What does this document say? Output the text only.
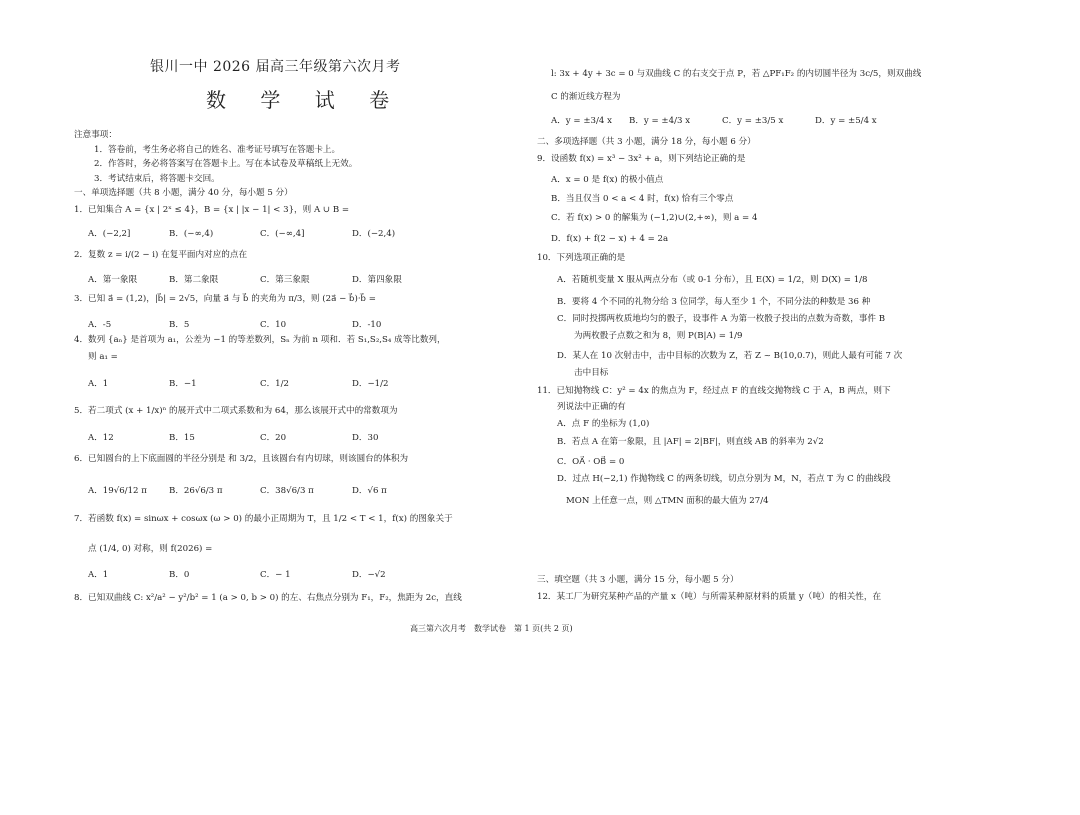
银川一中 2026 届高三年级第六次月考
数 学 试 卷
注意事项：
1．答卷前，考生务必将自己的姓名、准考证号填写在答题卡上。
2．作答时，务必将答案写在答题卡上。写在本试卷及草稿纸上无效。
3．考试结束后，将答题卡交回。
一、单项选择题（共 8 小题，满分 40 分，每小题 5 分）
1．已知集合 A = {x | 2ˣ ≤ 4}，B = {x | |x − 1| < 3}，则 A ∪ B =
A．(−2,2]	B．(−∞,4)	C．(−∞,4]	D．(−2,4)
2．复数 z = i/(2 − i) 在复平面内对应的点在
A．第一象限	B．第二象限	C．第三象限	D．第四象限
3．已知 a⃗ = (1,2)，|b⃗| = 2√5，向量 a⃗ 与 b⃗ 的夹角为 π/3，则 (2a⃗ − b⃗)·b⃗ =
A．-5	B．5	C．10	D．-10
4．数列 {aₙ} 是首项为 a₁，公差为 −1 的等差数列，Sₙ 为前 n 项和．若 S₁,S₂,S₄ 成等比数列，
则 a₁ =
A．1	B．−1	C．1/2	D．−1/2
5．若二项式 (x + 1/x)ⁿ 的展开式中二项式系数和为 64，那么该展开式中的常数项为
A．12	B．15	C．20	D．30
6．已知圆台的上下底面圆的半径分别是 和 3/2，且该圆台有内切球，则该圆台的体积为
A．19√6/12 π	B．26√6/3 π	C．38√6/3 π	D．√6 π
7．若函数 f(x) = sinωx + cosωx (ω > 0) 的最小正周期为 T，且 1/2 < T < 1，f(x) 的图象关于
点 (1/4, 0) 对称，则 f(2026) =
A．1	B．0	C．− 1	D．−√2
8．已知双曲线 C: x²/a² − y²/b² = 1 (a > 0, b > 0) 的左、右焦点分别为 F₁，F₂，焦距为 2c，直线
l: 3x + 4y + 3c = 0 与双曲线 C 的右支交于点 P，若 △PF₁F₂ 的内切圆半径为 3c/5，则双曲线
C 的渐近线方程为
A．y = ±3/4 x B．y = ±4/3 x	C．y = ±3/5 x	D．y = ±5/4 x
二、多项选择题（共 3 小题，满分 18 分，每小题 6 分）
9．设函数 f(x) = x³ − 3x² + a，则下列结论正确的是
A．x = 0 是 f(x) 的极小值点
B．当且仅当 0 < a < 4 时，f(x) 恰有三个零点
C．若 f(x) > 0 的解集为 (−1,2)∪(2,+∞)，则 a = 4
D．f(x) + f(2 − x) + 4 = 2a
10．下列选项正确的是
A．若随机变量 X 服从两点分布（或 0-1 分布），且 E(X) = 1/2，则 D(X) = 1/8
B．要将 4 个不同的礼物分给 3 位同学，每人至少 1 个，不同分法的种数是 36 种
C．同时投掷两枚质地均匀的骰子，设事件 A 为第一枚骰子投出的点数为奇数，事件 B
为两枚骰子点数之和为 8，则 P(B|A) = 1/9
D．某人在 10 次射击中，击中目标的次数为 Z，若 Z ~ B(10,0.7)，则此人最有可能 7 次
击中目标
11．已知抛物线 C：y² = 4x 的焦点为 F，经过点 F 的直线交抛物线 C 于 A，B 两点，则下
列说法中正确的有
A．点 F 的坐标为 (1,0)
B．若点 A 在第一象限，且 |AF| = 2|BF|，则直线 AB 的斜率为 2√2
C．OA⃗ · OB⃗ = 0
D．过点 H(−2,1) 作抛物线 C 的两条切线，切点分别为 M，N，若点 T 为 C 的曲线段
MON 上任意一点，则 △TMN 面积的最大值为 27/4
三、填空题（共 3 小题，满分 15 分，每小题 5 分）
12．某工厂为研究某种产品的产量 x（吨）与所需某种原材料的质量 y（吨）的相关性，在
高三第六次月考　数学试卷　第 1 页(共 2 页)
